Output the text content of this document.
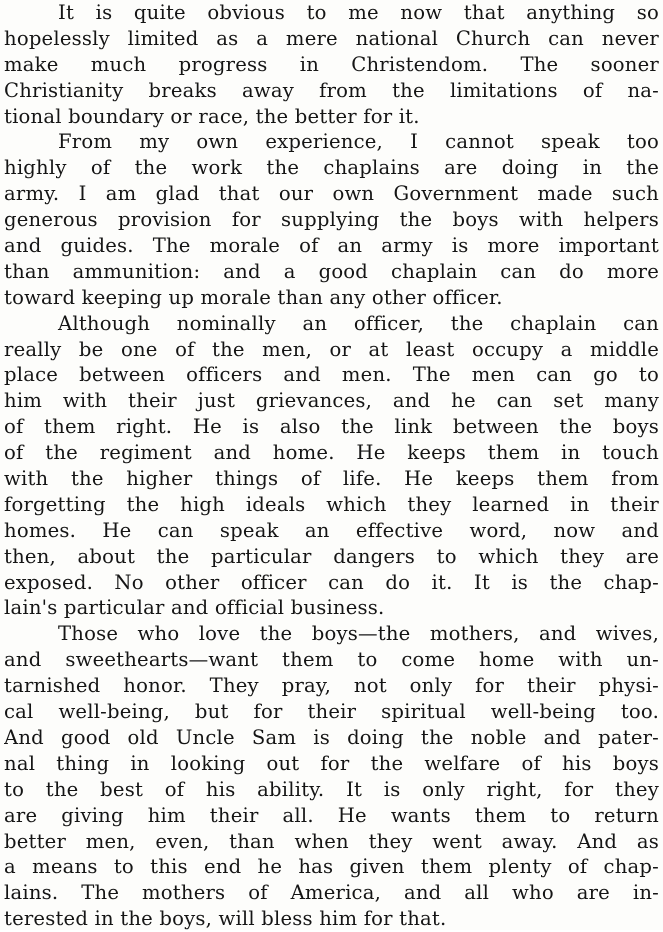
It is quite obvious to me now that anything so
hopelessly limited as a mere national Church can never
make much progress in Christendom. The sooner
Christianity breaks away from the limitations of na-
tional boundary or race, the better for it.
From my own experience, I cannot speak too
highly of the work the chaplains are doing in the
army. I am glad that our own Government made such
generous provision for supplying the boys with helpers
and guides. The morale of an army is more important
than ammunition: and a good chaplain can do more
toward keeping up morale than any other officer.
Although nominally an officer, the chaplain can
really be one of the men, or at least occupy a middle
place between officers and men. The men can go to
him with their just grievances, and he can set many
of them right. He is also the link between the boys
of the regiment and home. He keeps them in touch
with the higher things of life. He keeps them from
forgetting the high ideals which they learned in their
homes. He can speak an effective word, now and
then, about the particular dangers to which they are
exposed. No other officer can do it. It is the chap-
lain's particular and official business.
Those who love the boys—the mothers, and wives,
and sweethearts—want them to come home with un-
tarnished honor. They pray, not only for their physi-
cal well-being, but for their spiritual well-being too.
And good old Uncle Sam is doing the noble and pater-
nal thing in looking out for the welfare of his boys
to the best of his ability. It is only right, for they
are giving him their all. He wants them to return
better men, even, than when they went away. And as
a means to this end he has given them plenty of chap-
lains. The mothers of America, and all who are in-
terested in the boys, will bless him for that.
